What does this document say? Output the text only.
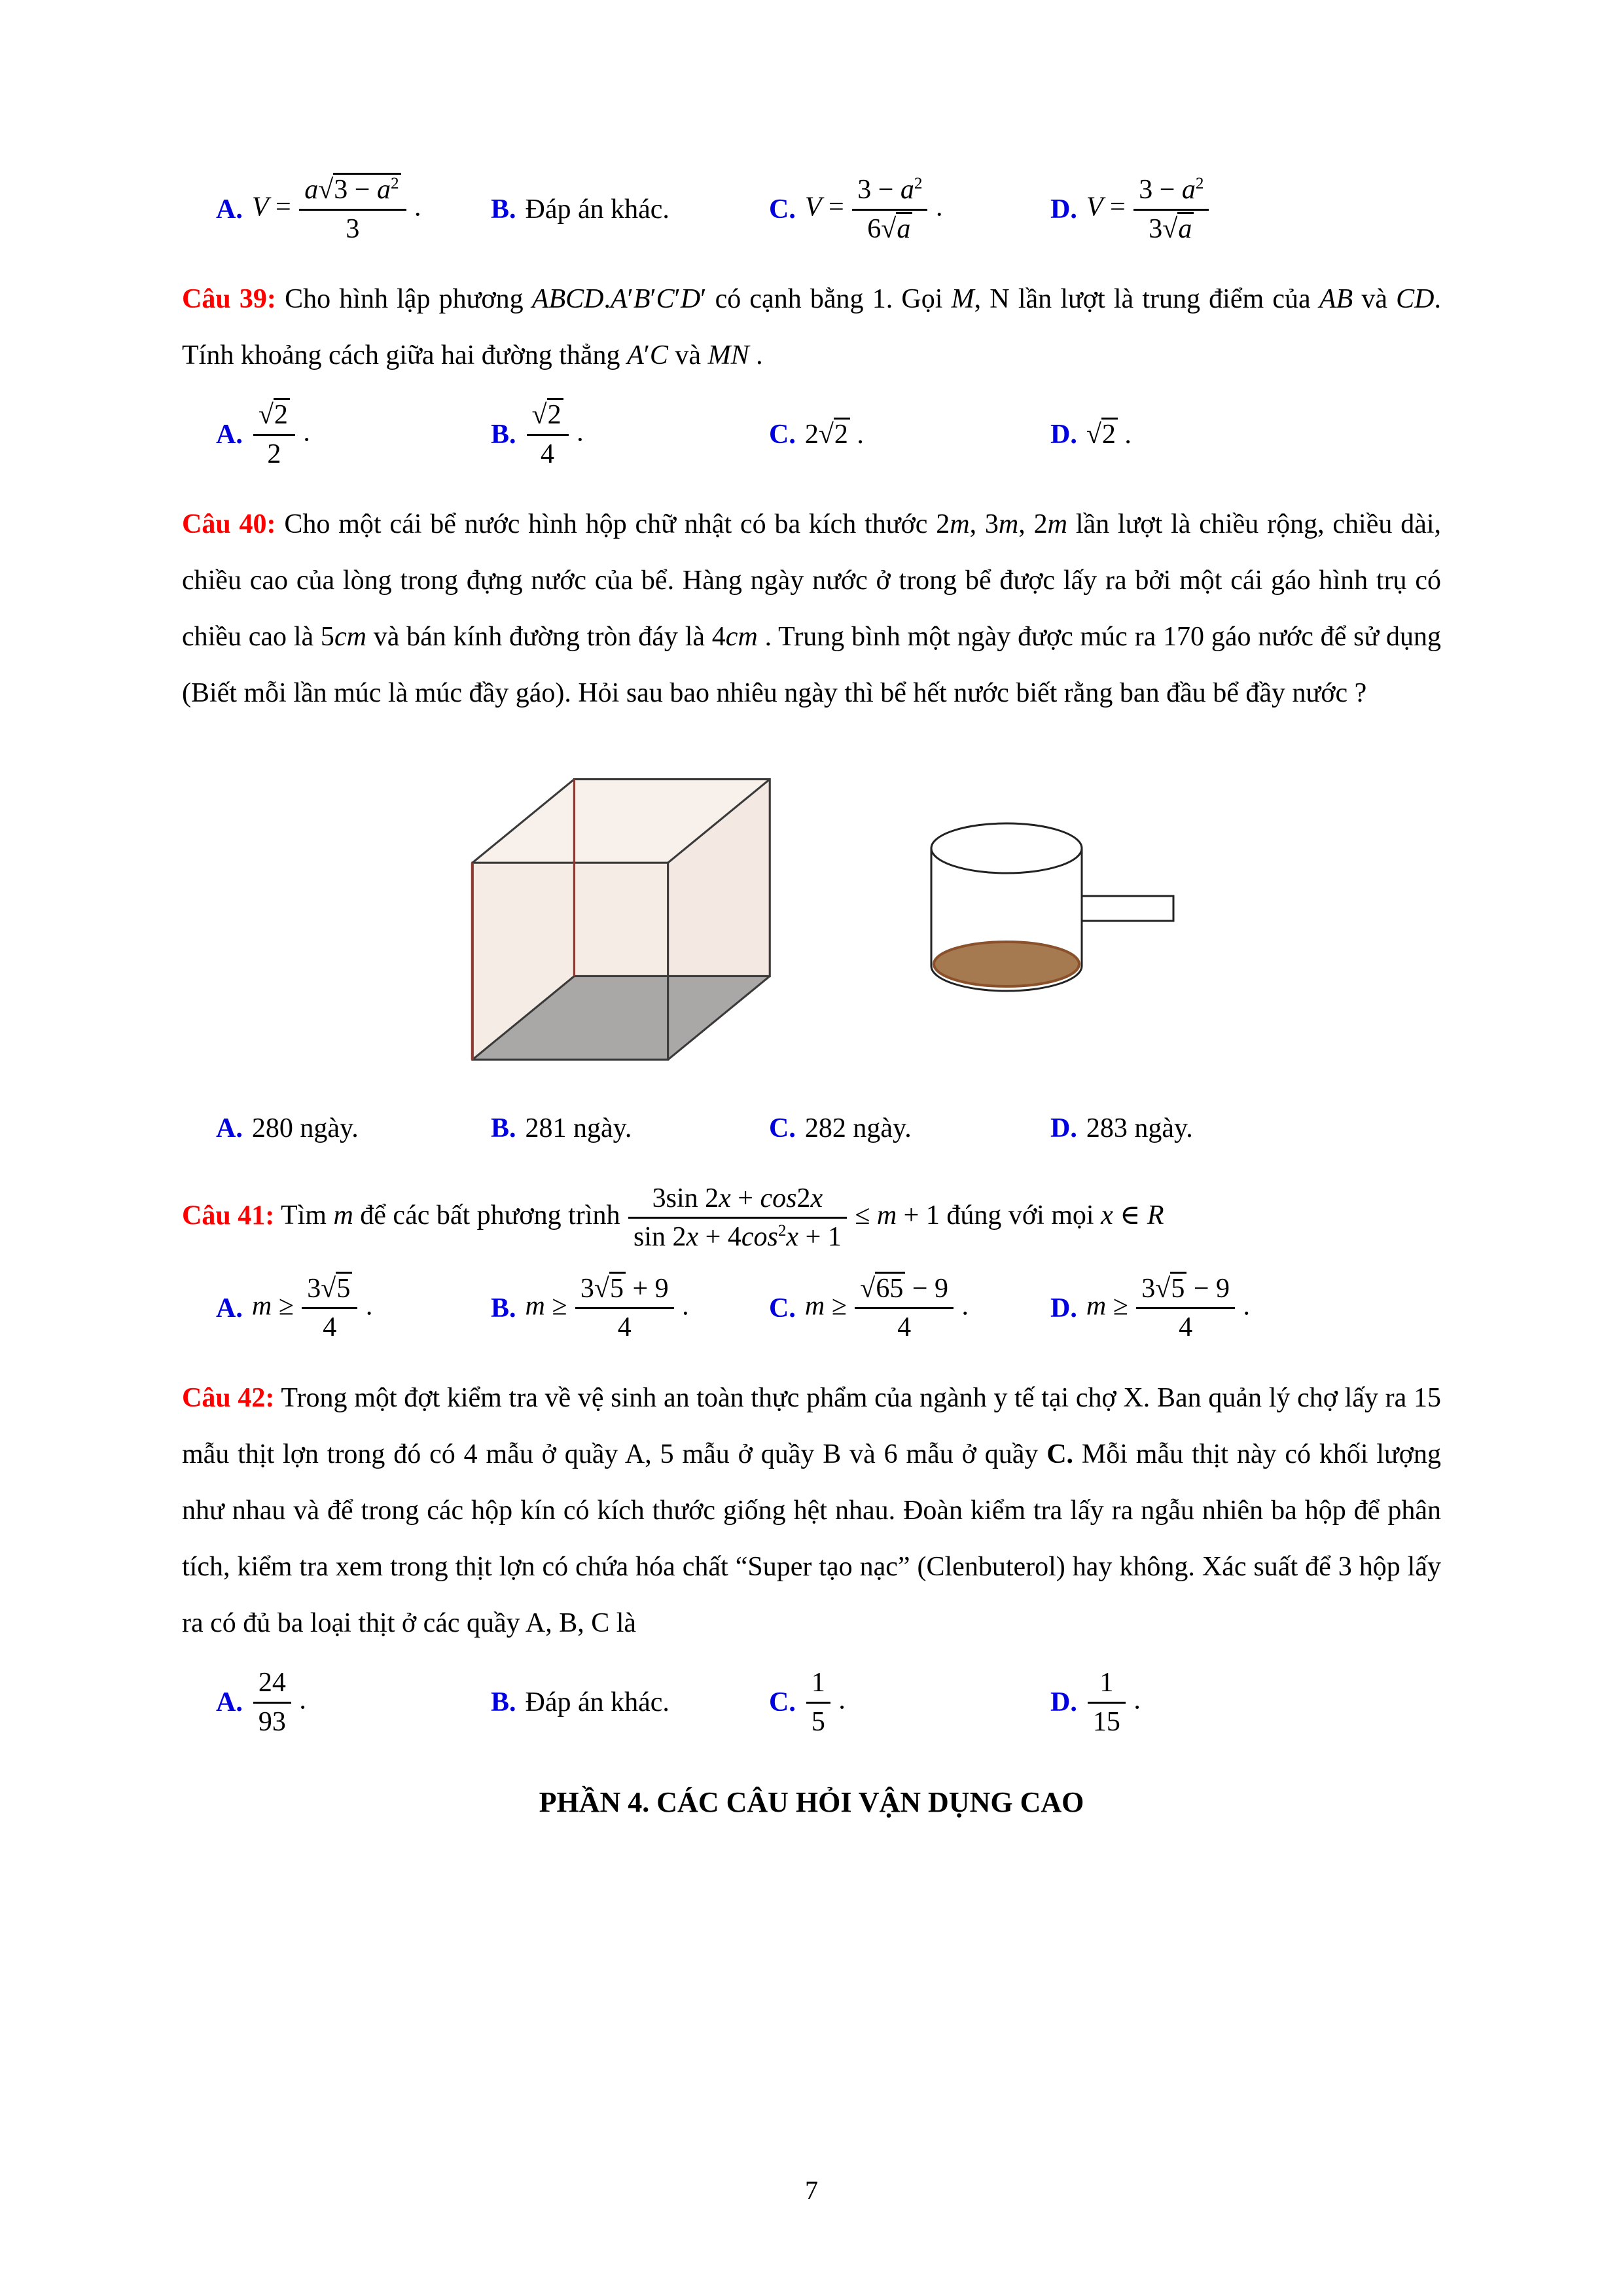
A. $V = \frac{a√3 - a^2}{3}$ .	B. Đáp án khác.	C. $V = \frac{3 - a^2}{6√a}$ .	D. $V = \frac{3 - a^2}{3√a}$

Câu 39: Cho hình lập phương ABCD.A′B′C′D′ có cạnh bằng 1. Gọi M, N lần lượt là trung điểm của AB và CD. Tính khoảng cách giữa hai đường thẳng A′C và MN .

A. $\frac{√2}{2}$ .	B. $\frac{√2}{4}$ .	C. 2√2 .	D. √2 .

Câu 40: Cho một cái bể nước hình hộp chữ nhật có ba kích thước 2m, 3m, 2m lần lượt là chiều rộng, chiều dài, chiều cao của lòng trong đựng nước của bể. Hàng ngày nước ở trong bể được lấy ra bởi một cái gáo hình trụ có chiều cao là 5cm và bán kính đường tròn đáy là 4cm . Trung bình một ngày được múc ra 170 gáo nước để sử dụng (Biết mỗi lần múc là múc đầy gáo). Hỏi sau bao nhiêu ngày thì bể hết nước biết rằng ban đầu bể đầy nước ?

A. 280 ngày.	B. 281 ngày.	C. 282 ngày.	D. 283 ngày.

Câu 41: Tìm m để các bất phương trình $\frac{3\sin 2x + \cos 2x}{\sin 2x + 4\cos^2x + 1} \le m + 1$ đúng với mọi x ∈ R

A. $m \ge \frac{3√5}{4}$ .	B. $m \ge \frac{3√5 + 9}{4}$ .	C. $m \ge \frac{√65 - 9}{4}$ .	D. $m \ge \frac{3√5 - 9}{4}$ .

Câu 42: Trong một đợt kiểm tra về vệ sinh an toàn thực phẩm của ngành y tế tại chợ X. Ban quản lý chợ lấy ra 15 mẫu thịt lợn trong đó có 4 mẫu ở quầy A, 5 mẫu ở quầy B và 6 mẫu ở quầy C. Mỗi mẫu thịt này có khối lượng như nhau và để trong các hộp kín có kích thước giống hệt nhau. Đoàn kiểm tra lấy ra ngẫu nhiên ba hộp để phân tích, kiểm tra xem trong thịt lợn có chứa hóa chất “Super tạo nạc” (Clenbuterol) hay không. Xác suất để 3 hộp lấy ra có đủ ba loại thịt ở các quầy A, B, C là

A. $\frac{24}{93}$ .	B. Đáp án khác.	C. $\frac{1}{5}$ .	D. $\frac{1}{15}$ .
PHẦN 4. CÁC CÂU HỎI VẬN DỤNG CAO
7
